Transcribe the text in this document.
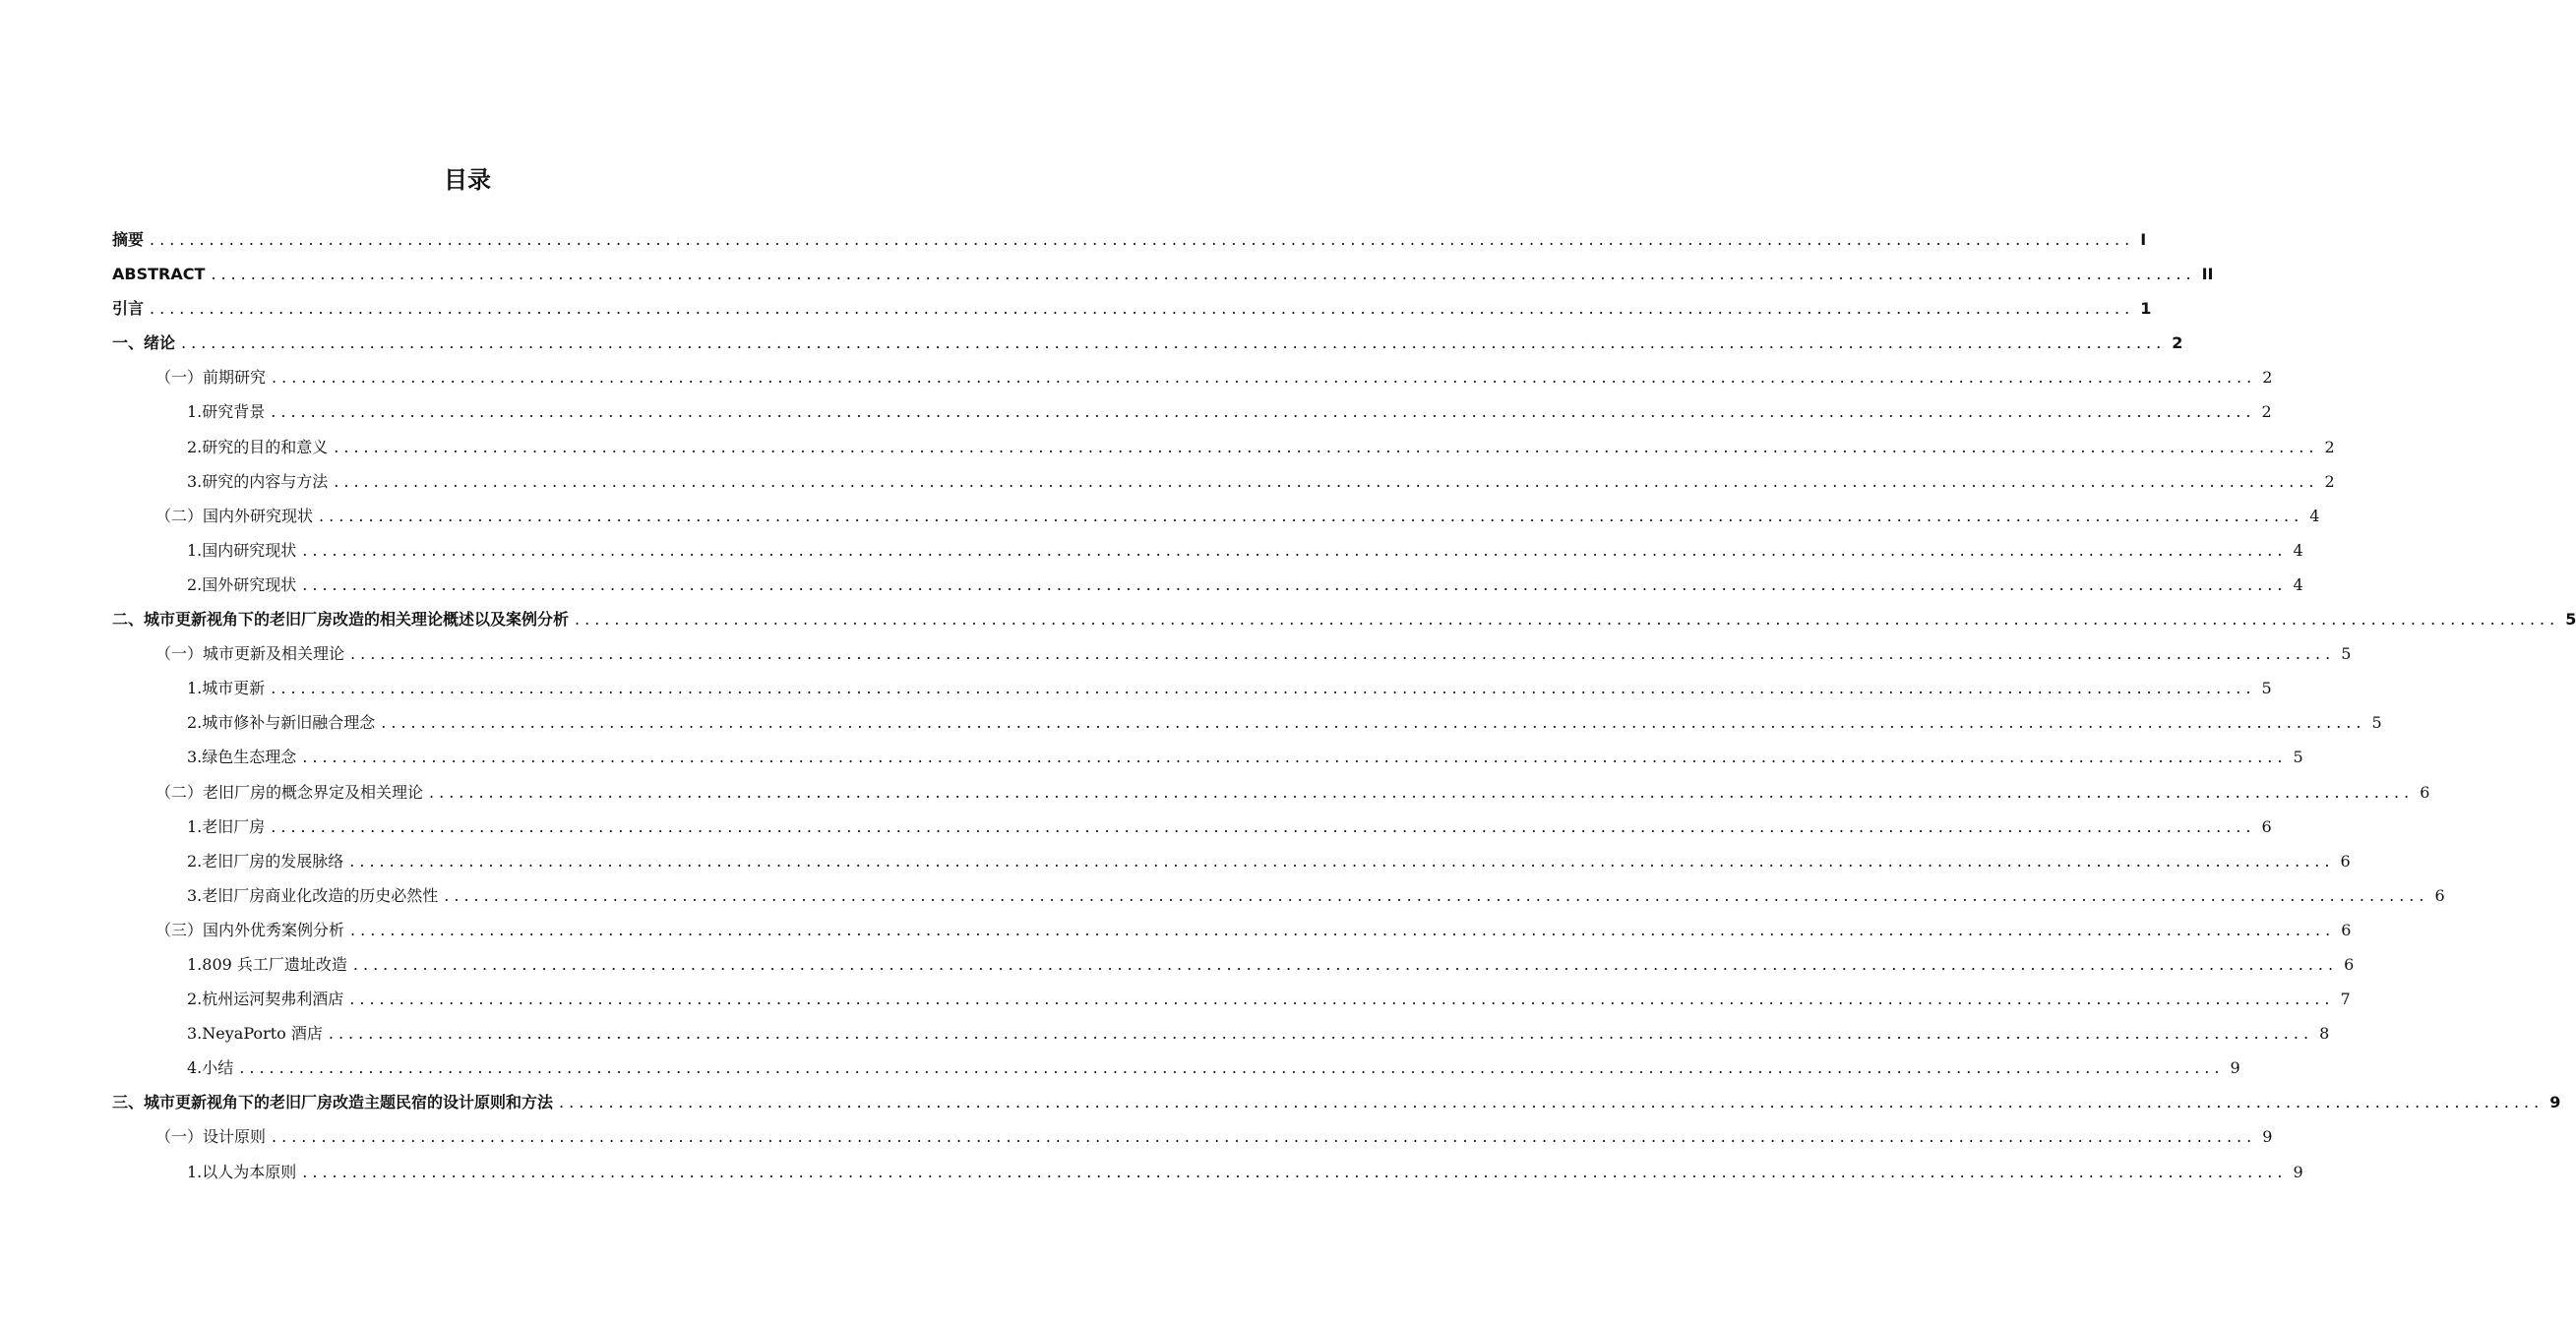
目录
摘要 ........................................................................................................................................................................................................ I
ABSTRACT ........................................................................................................................................................................................................ II
引言 ........................................................................................................................................................................................................ 1
一、绪论 ........................................................................................................................................................................................................ 2
（一）前期研究 ........................................................................................................................................................................................................ 2
1.研究背景 ........................................................................................................................................................................................................ 2
2.研究的目的和意义 ........................................................................................................................................................................................................ 2
3.研究的内容与方法 ........................................................................................................................................................................................................ 2
（二）国内外研究现状 ........................................................................................................................................................................................................ 4
1.国内研究现状 ........................................................................................................................................................................................................ 4
2.国外研究现状 ........................................................................................................................................................................................................ 4
二、城市更新视角下的老旧厂房改造的相关理论概述以及案例分析 ........................................................................................................................................................................................................ 5
（一）城市更新及相关理论 ........................................................................................................................................................................................................ 5
1.城市更新 ........................................................................................................................................................................................................ 5
2.城市修补与新旧融合理念 ........................................................................................................................................................................................................ 5
3.绿色生态理念 ........................................................................................................................................................................................................ 5
（二）老旧厂房的概念界定及相关理论 ........................................................................................................................................................................................................ 6
1.老旧厂房 ........................................................................................................................................................................................................ 6
2.老旧厂房的发展脉络 ........................................................................................................................................................................................................ 6
3.老旧厂房商业化改造的历史必然性 ........................................................................................................................................................................................................ 6
（三）国内外优秀案例分析 ........................................................................................................................................................................................................ 6
1.809 兵工厂遗址改造 ........................................................................................................................................................................................................ 6
2.杭州运河契弗利酒店 ........................................................................................................................................................................................................ 7
3.NeyaPorto 酒店 ........................................................................................................................................................................................................ 8
4.小结 ........................................................................................................................................................................................................ 9
三、城市更新视角下的老旧厂房改造主题民宿的设计原则和方法 ........................................................................................................................................................................................................ 9
（一）设计原则 ........................................................................................................................................................................................................ 9
1.以人为本原则 ........................................................................................................................................................................................................ 9
